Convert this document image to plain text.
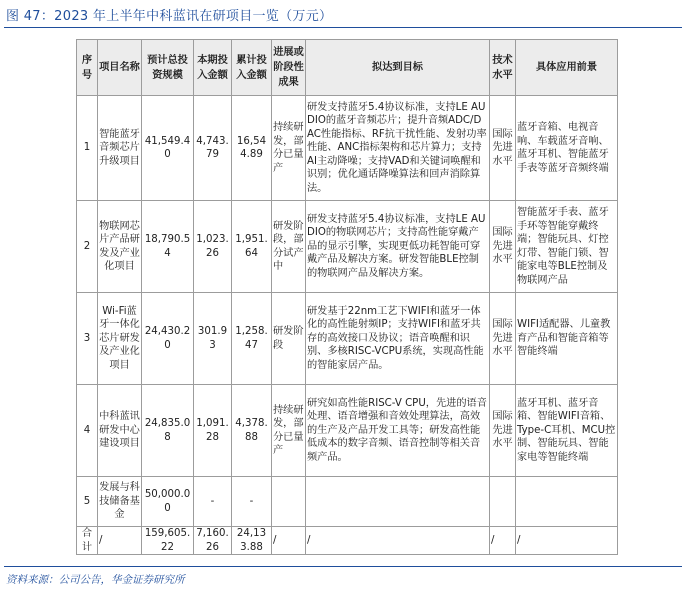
图 47：2023 年上半年中科蓝讯在研项目一览（万元）
序号	项目名称	预计总投资规模	本期投入金额	累计投入金额	进展或阶段性成果	拟达到目标	技术水平	具体应用前景
1	智能蓝牙音频芯片升级项目	41,549.40	4,743.79	16,544.89	持续研发，部分已量产	研发支持蓝牙5.4协议标准，支持LE AUDIO的蓝牙音频芯片；提升音频ADC/DAC性能指标、RF抗干扰性能、发射功率性能、ANC指标架构和芯片算力；支持AI主动降噪；支持VAD和关键词唤醒和识别；优化通话降噪算法和回声消除算法。	国际先进水平	蓝牙音箱、电视音响、车载蓝牙音响、蓝牙耳机、智能蓝牙手表等蓝牙音频终端
2	物联网芯片产品研发及产业化项目	18,790.54	1,023.26	1,951.64	研发阶段，部分试产中	研发支持蓝牙5.4协议标准，支持LE AUDIO的物联网芯片；支持高性能穿戴产品的显示引擎，实现更低功耗智能可穿戴产品及解决方案。研发智能BLE控制的物联网产品及解决方案。	国际先进水平	智能蓝牙手表、蓝牙手环等智能穿戴终端；智能玩具、灯控灯带、智能门锁、智能家电等BLE控制及物联网产品
3	Wi-Fi蓝牙一体化芯片研发及产业化项目	24,430.20	301.93	1,258.47	研发阶段	研发基于22nm工艺下WIFI和蓝牙一体化的高性能射频IP；支持WIFI和蓝牙共存的高效接口及协议；语音唤醒和识别、多核RISC-VCPU系统，实现高性能的智能家居产品。	国际先进水平	WIFI适配器、儿童教育产品和智能音箱等智能终端
4	中科蓝讯研发中心建设项目	24,835.08	1,091.28	4,378.88	持续研发，部分已量产	研究如高性能RISC-V CPU，先进的语音处理、语音增强和音效处理算法，高效的生产及产品开发工具等；研发高性能低成本的数字音频、语音控制等相关音频产品。	国际先进水平	蓝牙耳机、蓝牙音箱、智能WIFI音箱、Type-C耳机、MCU控制、智能玩具、智能家电等智能终端
5	发展与科技储备基金	50,000.00	-	-				
合计	/	159,605.22	7,160.26	24,133.88	/	/	/	/
资料来源：公司公告，华金证券研究所
